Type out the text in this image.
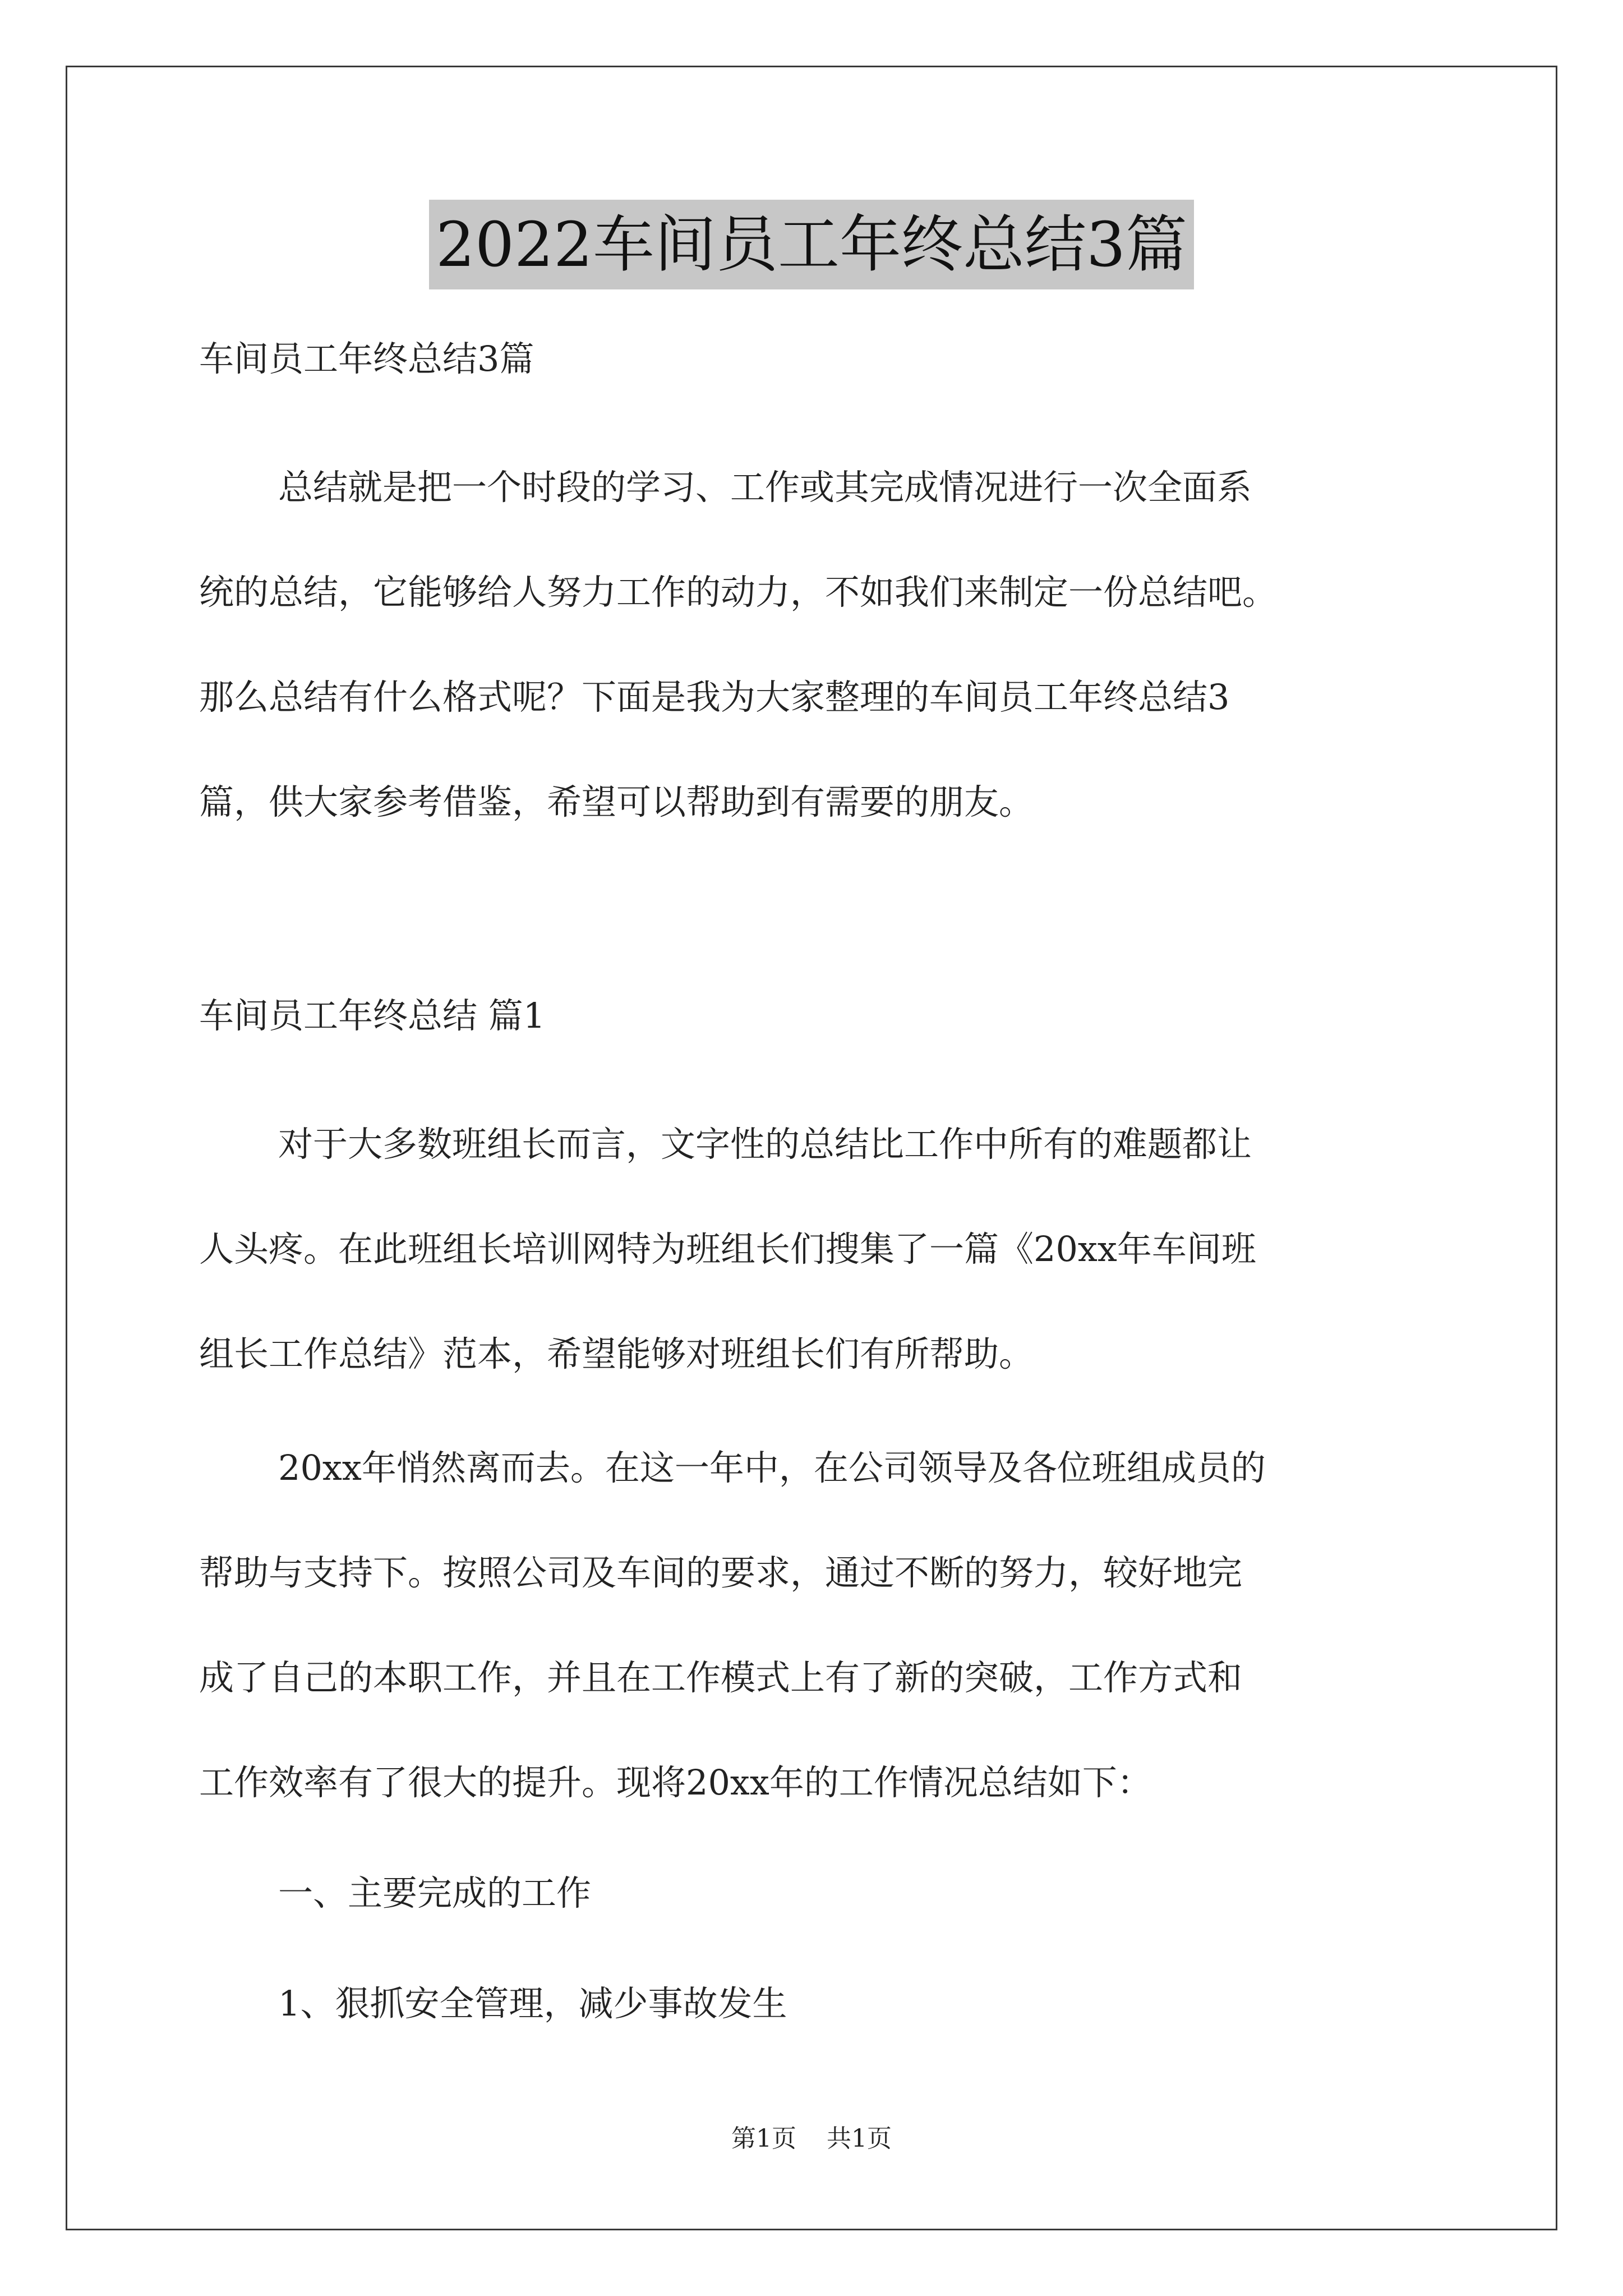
2022车间员工年终总结3篇
车间员工年终总结3篇
总结就是把一个时段的学习、工作或其完成情况进行一次全面系
统的总结，它能够给人努力工作的动力，不如我们来制定一份总结吧。
那么总结有什么格式呢？下面是我为大家整理的车间员工年终总结3
篇，供大家参考借鉴，希望可以帮助到有需要的朋友。
车间员工年终总结 篇1
对于大多数班组长而言，文字性的总结比工作中所有的难题都让
人头疼。在此班组长培训网特为班组长们搜集了一篇《20xx年车间班
组长工作总结》范本，希望能够对班组长们有所帮助。
20xx年悄然离而去。在这一年中，在公司领导及各位班组成员的
帮助与支持下。按照公司及车间的要求，通过不断的努力，较好地完
成了自己的本职工作，并且在工作模式上有了新的突破，工作方式和
工作效率有了很大的提升。现将20xx年的工作情况总结如下：
一、主要完成的工作
1、狠抓安全管理，减少事故发生
第1页 共1页
